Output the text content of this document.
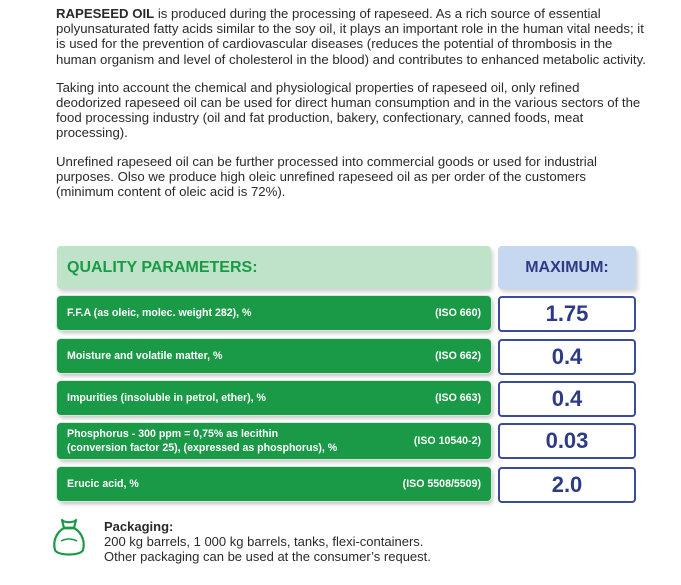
RAPESEED OIL is produced during the processing of rapeseed. As a rich source of essential polyunsaturated fatty acids similar to the soy oil, it plays an important role in the human vital needs; it is used for the prevention of cardiovascular diseases (reduces the potential of thrombosis in the human organism and level of cholesterol in the blood) and contributes to enhanced metabolic activity.

Taking into account the chemical and physiological properties of rapeseed oil, only refined deodorized rapeseed oil can be used for direct human consumption and in the various sectors of the food processing industry (oil and fat production, bakery, confectionary, canned foods, meat processing).

Unrefined rapeseed oil can be further processed into commercial goods or used for industrial purposes. Olso we produce high oleic unrefined rapeseed oil as per order of the customers (minimum content of oleic acid is 72%).

QUALITY PARAMETERS:	MAXIMUM:
F.F.A (as oleic, molec. weight 282), %	(ISO 660)	1.75
Moisture and volatile matter, %	(ISO 662)	0.4
Impurities (insoluble in petrol, ether), %	(ISO 663)	0.4
Phosphorus - 300 ppm = 0,75% as lecithin
(conversion factor 25), (expressed as phosphorus), %
(ISO 10540-2)	0.03
Erucic acid, %	(ISO 5508/5509)	2.0
Packaging:
200 kg barrels, 1 000 kg barrels, tanks, flexi-containers.
Other packaging can be used at the consumer’s request.
